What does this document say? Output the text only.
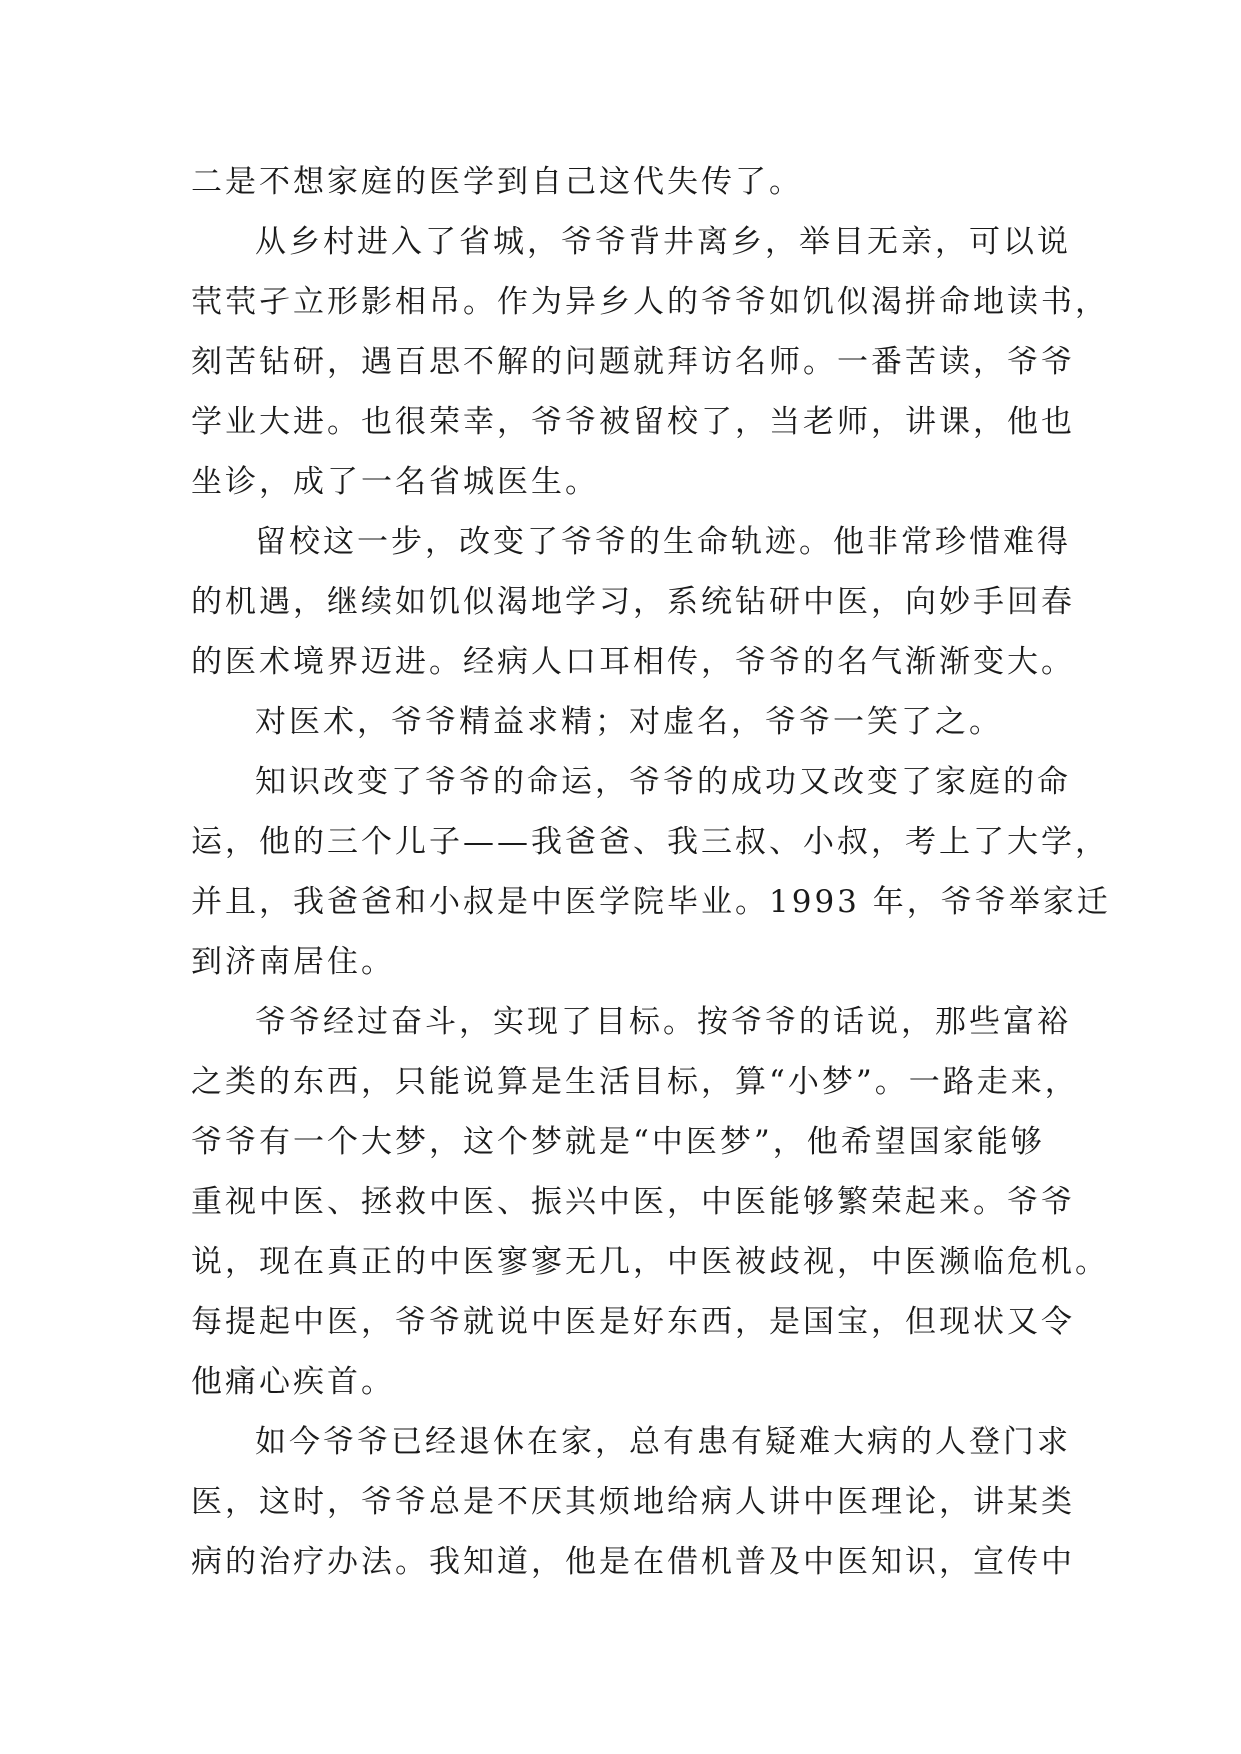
二是不想家庭的医学到自己这代失传了。
从乡村进入了省城，爷爷背井离乡，举目无亲，可以说
茕茕孑立形影相吊。作为异乡人的爷爷如饥似渴拼命地读书，
刻苦钻研，遇百思不解的问题就拜访名师。一番苦读，爷爷
学业大进。也很荣幸，爷爷被留校了，当老师，讲课，他也
坐诊，成了一名省城医生。
留校这一步，改变了爷爷的生命轨迹。他非常珍惜难得
的机遇，继续如饥似渴地学习，系统钻研中医，向妙手回春
的医术境界迈进。经病人口耳相传，爷爷的名气渐渐变大。
对医术，爷爷精益求精；对虚名，爷爷一笑了之。
知识改变了爷爷的命运，爷爷的成功又改变了家庭的命
运，他的三个儿子——我爸爸、我三叔、小叔，考上了大学，
并且，我爸爸和小叔是中医学院毕业。1993 年，爷爷举家迁
到济南居住。
爷爷经过奋斗，实现了目标。按爷爷的话说，那些富裕
之类的东西，只能说算是生活目标，算“小梦”。一路走来，
爷爷有一个大梦，这个梦就是“中医梦”，他希望国家能够
重视中医、拯救中医、振兴中医，中医能够繁荣起来。爷爷
说，现在真正的中医寥寥无几，中医被歧视，中医濒临危机。
每提起中医，爷爷就说中医是好东西，是国宝，但现状又令
他痛心疾首。
如今爷爷已经退休在家，总有患有疑难大病的人登门求
医，这时，爷爷总是不厌其烦地给病人讲中医理论，讲某类
病的治疗办法。我知道，他是在借机普及中医知识，宣传中
